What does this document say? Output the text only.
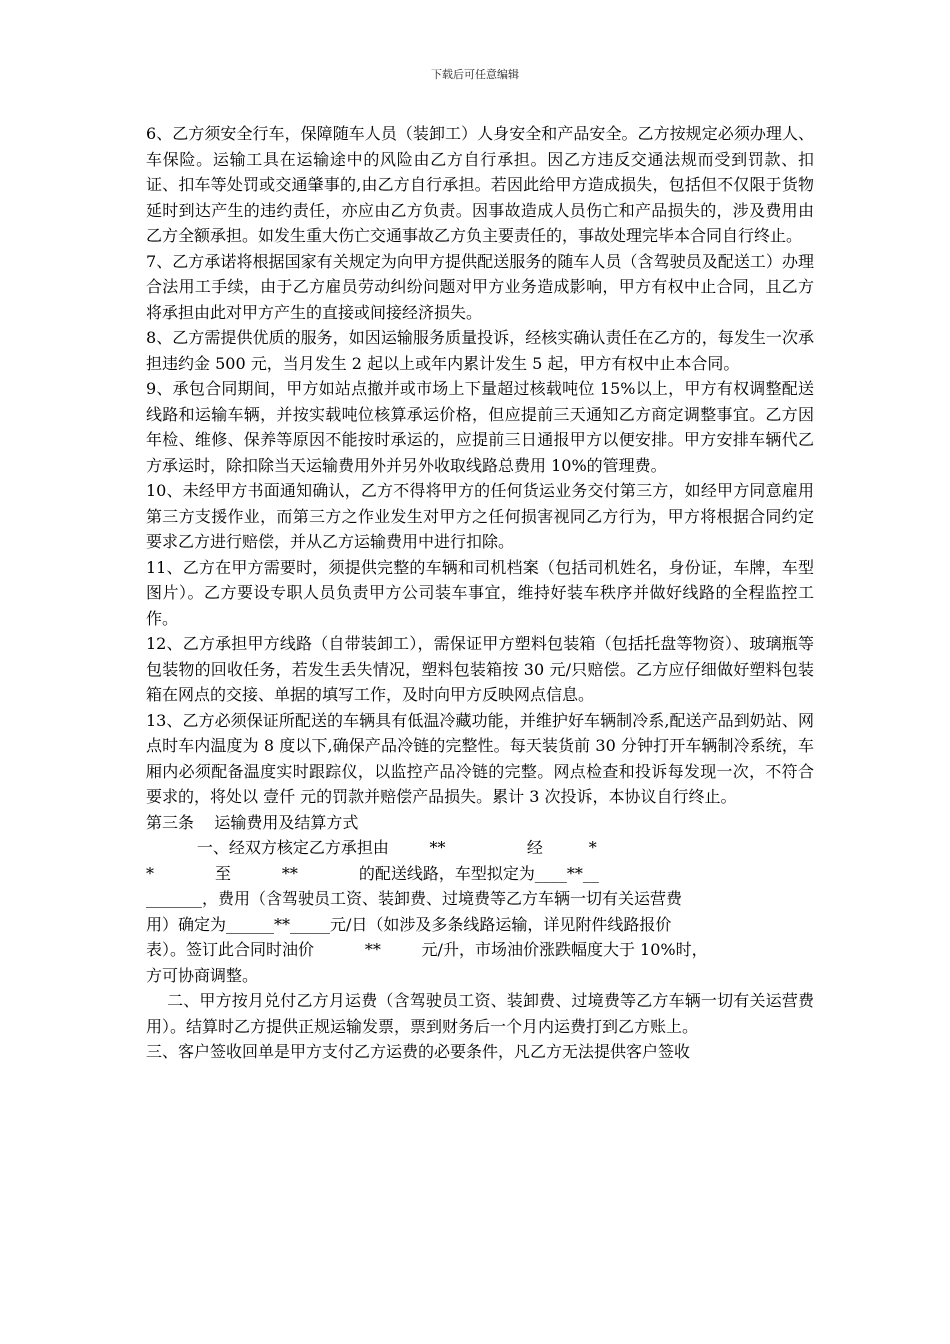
下载后可任意编辑

6、乙方须安全行车，保障随车人员（装卸工）人身安全和产品安全。乙方按规定必须办理人、车保险。运输工具在运输途中的风险由乙方自行承担。因乙方违反交通法规而受到罚款、扣证、扣车等处罚或交通肇事的,由乙方自行承担。若因此给甲方造成损失，包括但不仅限于货物延时到达产生的违约责任，亦应由乙方负责。因事故造成人员伤亡和产品损失的，涉及费用由乙方全额承担。如发生重大伤亡交通事故乙方负主要责任的，事故处理完毕本合同自行终止。

7、乙方承诺将根据国家有关规定为向甲方提供配送服务的随车人员（含驾驶员及配送工）办理合法用工手续，由于乙方雇员劳动纠纷问题对甲方业务造成影响，甲方有权中止合同，且乙方将承担由此对甲方产生的直接或间接经济损失。

8、乙方需提供优质的服务，如因运输服务质量投诉，经核实确认责任在乙方的，每发生一次承担违约金 500 元，当月发生 2 起以上或年内累计发生 5 起，甲方有权中止本合同。

9、承包合同期间，甲方如站点撤并或市场上下量超过核载吨位 15%以上，甲方有权调整配送线路和运输车辆，并按实载吨位核算承运价格，但应提前三天通知乙方商定调整事宜。乙方因年检、维修、保养等原因不能按时承运的，应提前三日通报甲方以便安排。甲方安排车辆代乙方承运时，除扣除当天运输费用外并另外收取线路总费用 10%的管理费。

10、未经甲方书面通知确认，乙方不得将甲方的任何货运业务交付第三方，如经甲方同意雇用第三方支援作业，而第三方之作业发生对甲方之任何损害视同乙方行为，甲方将根据合同约定要求乙方进行赔偿，并从乙方运输费用中进行扣除。

11、乙方在甲方需要时，须提供完整的车辆和司机档案（包括司机姓名，身份证，车牌，车型图片）。乙方要设专职人员负责甲方公司装车事宜，维持好装车秩序并做好线路的全程监控工作。

12、乙方承担甲方线路（自带装卸工），需保证甲方塑料包装箱（包括托盘等物资）、玻璃瓶等包装物的回收任务，若发生丢失情况，塑料包装箱按 30 元/只赔偿。乙方应仔细做好塑料包装箱在网点的交接、单据的填写工作，及时向甲方反映网点信息。

13、乙方必须保证所配送的车辆具有低温冷藏功能，并维护好车辆制冷系,配送产品到奶站、网点时车内温度为 8 度以下,确保产品冷链的完整性。每天装货前 30 分钟打开车辆制冷系统，车厢内必须配备温度实时跟踪仪，以监控产品冷链的完整。网点检查和投诉每发现一次，不符合要求的，将处以 壹仟 元的罚款并赔偿产品损失。累计 3 次投诉，本协议自行终止。

第三条    运输费用及结算方式

一、经双方核定乙方承担由        **                经         *
*            至          **            的配送线路，车型拟定为____**__
_______，费用（含驾驶员工资、装卸费、过境费等乙方车辆一切有关运营费
用）确定为______**_____元/日（如涉及多条线路运输，详见附件线路报价
表）。签订此合同时油价          **        元/升，市场油价涨跌幅度大于 10%时，
方可协商调整。

二、甲方按月兑付乙方月运费（含驾驶员工资、装卸费、过境费等乙方车辆一切有关运营费用）。结算时乙方提供正规运输发票，票到财务后一个月内运费打到乙方账上。

三、客户签收回单是甲方支付乙方运费的必要条件，凡乙方无法提供客户签收
